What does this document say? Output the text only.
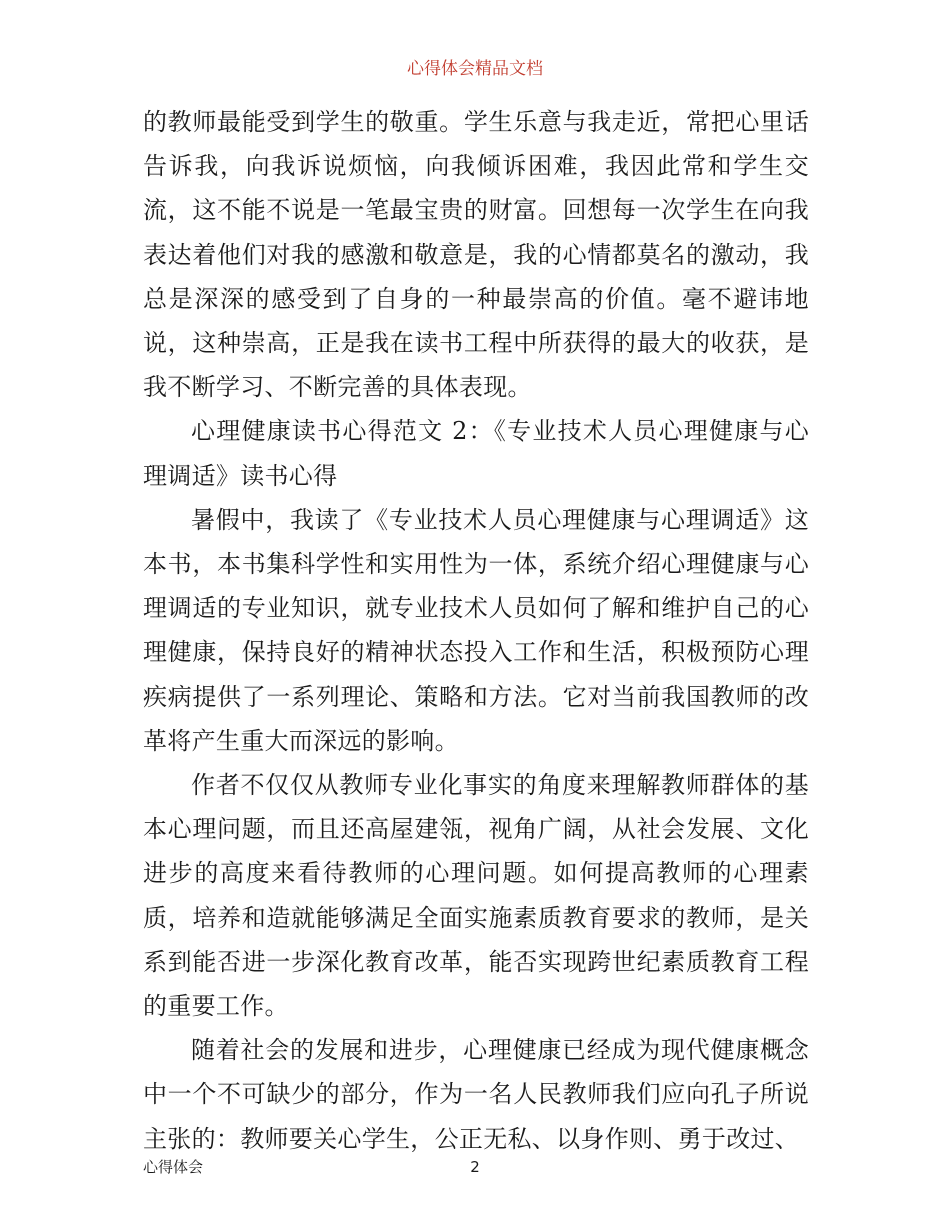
心得体会精品文档

的教师最能受到学生的敬重。学生乐意与我走近，常把心里话告诉我，向我诉说烦恼，向我倾诉困难，我因此常和学生交流，这不能不说是一笔最宝贵的财富。回想每一次学生在向我表达着他们对我的感激和敬意是，我的心情都莫名的激动，我总是深深的感受到了自身的一种最崇高的价值。毫不避讳地说，这种崇高，正是我在读书工程中所获得的最大的收获，是我不断学习、不断完善的具体表现。

心理健康读书心得范文 2：《专业技术人员心理健康与心理调适》读书心得

暑假中，我读了《专业技术人员心理健康与心理调适》这本书，本书集科学性和实用性为一体，系统介绍心理健康与心理调适的专业知识，就专业技术人员如何了解和维护自己的心理健康，保持良好的精神状态投入工作和生活，积极预防心理疾病提供了一系列理论、策略和方法。它对当前我国教师的改革将产生重大而深远的影响。

作者不仅仅从教师专业化事实的角度来理解教师群体的基本心理问题，而且还高屋建瓴，视角广阔，从社会发展、文化进步的高度来看待教师的心理问题。如何提高教师的心理素质，培养和造就能够满足全面实施素质教育要求的教师，是关系到能否进一步深化教育改革，能否实现跨世纪素质教育工程的重要工作。

随着社会的发展和进步，心理健康已经成为现代健康概念中一个不可缺少的部分，作为一名人民教师我们应向孔子所说主张的：教师要关心学生，公正无私、以身作则、勇于改过、

2
心得体会
